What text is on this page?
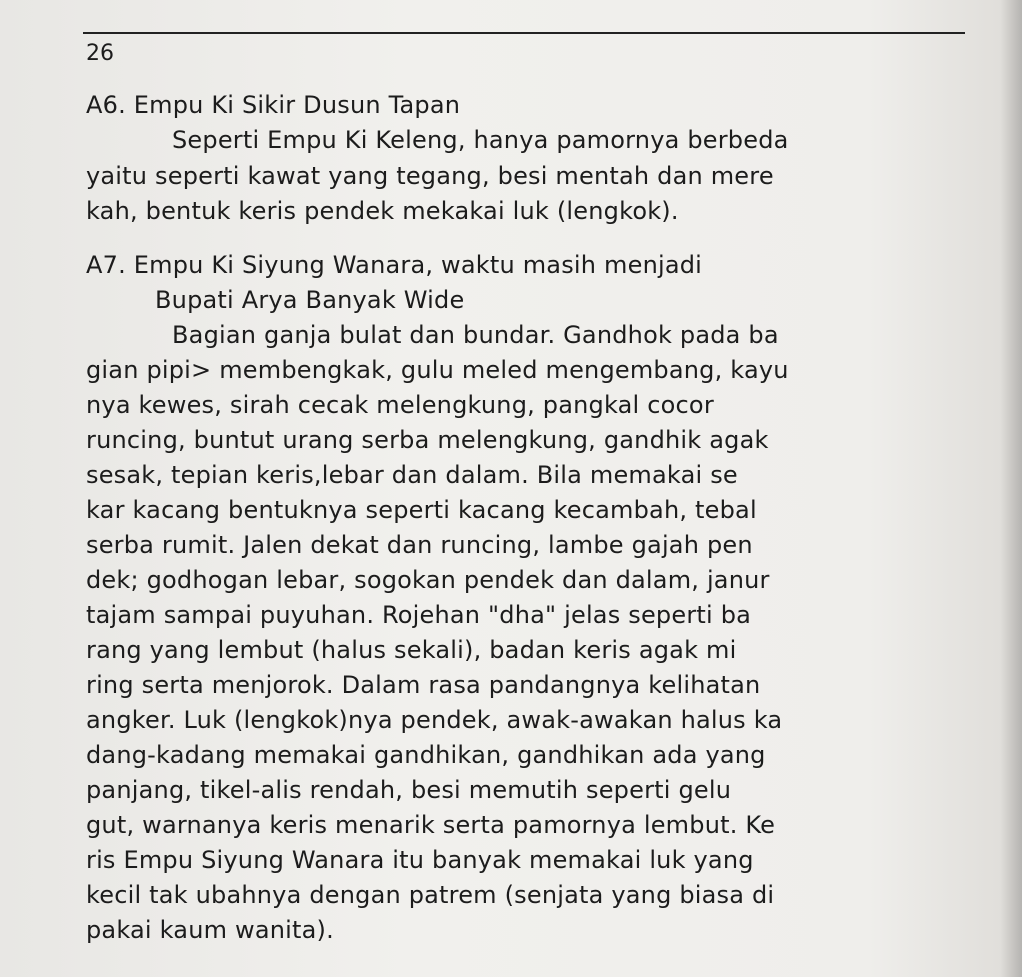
26
A6. Empu Ki Sikir Dusun Tapan
Seperti Empu Ki Keleng, hanya pamornya berbeda
yaitu seperti kawat yang tegang, besi mentah dan mere
kah, bentuk keris pendek mekakai luk (lengkok).
A7. Empu Ki Siyung Wanara, waktu masih menjadi
Bupati Arya Banyak Wide
Bagian ganja bulat dan bundar. Gandhok pada ba
gian pipi> membengkak, gulu meled mengembang, kayu
nya kewes, sirah cecak melengkung, pangkal cocor
runcing, buntut urang serba melengkung, gandhik agak
sesak, tepian keris,lebar dan dalam. Bila memakai se
kar kacang bentuknya seperti kacang kecambah, tebal
serba rumit. Jalen dekat dan runcing, lambe gajah pen
dek; godhogan lebar, sogokan pendek dan dalam, janur
tajam sampai puyuhan. Rojehan "dha" jelas seperti ba
rang yang lembut (halus sekali), badan keris agak mi
ring serta menjorok. Dalam rasa pandangnya kelihatan
angker. Luk (lengkok)nya pendek, awak-awakan halus ka
dang-kadang memakai gandhikan, gandhikan ada yang
panjang, tikel-alis rendah, besi memutih seperti gelu
gut, warnanya keris menarik serta pamornya lembut. Ke
ris Empu Siyung Wanara itu banyak memakai luk yang
kecil tak ubahnya dengan patrem (senjata yang biasa di
pakai kaum wanita).
